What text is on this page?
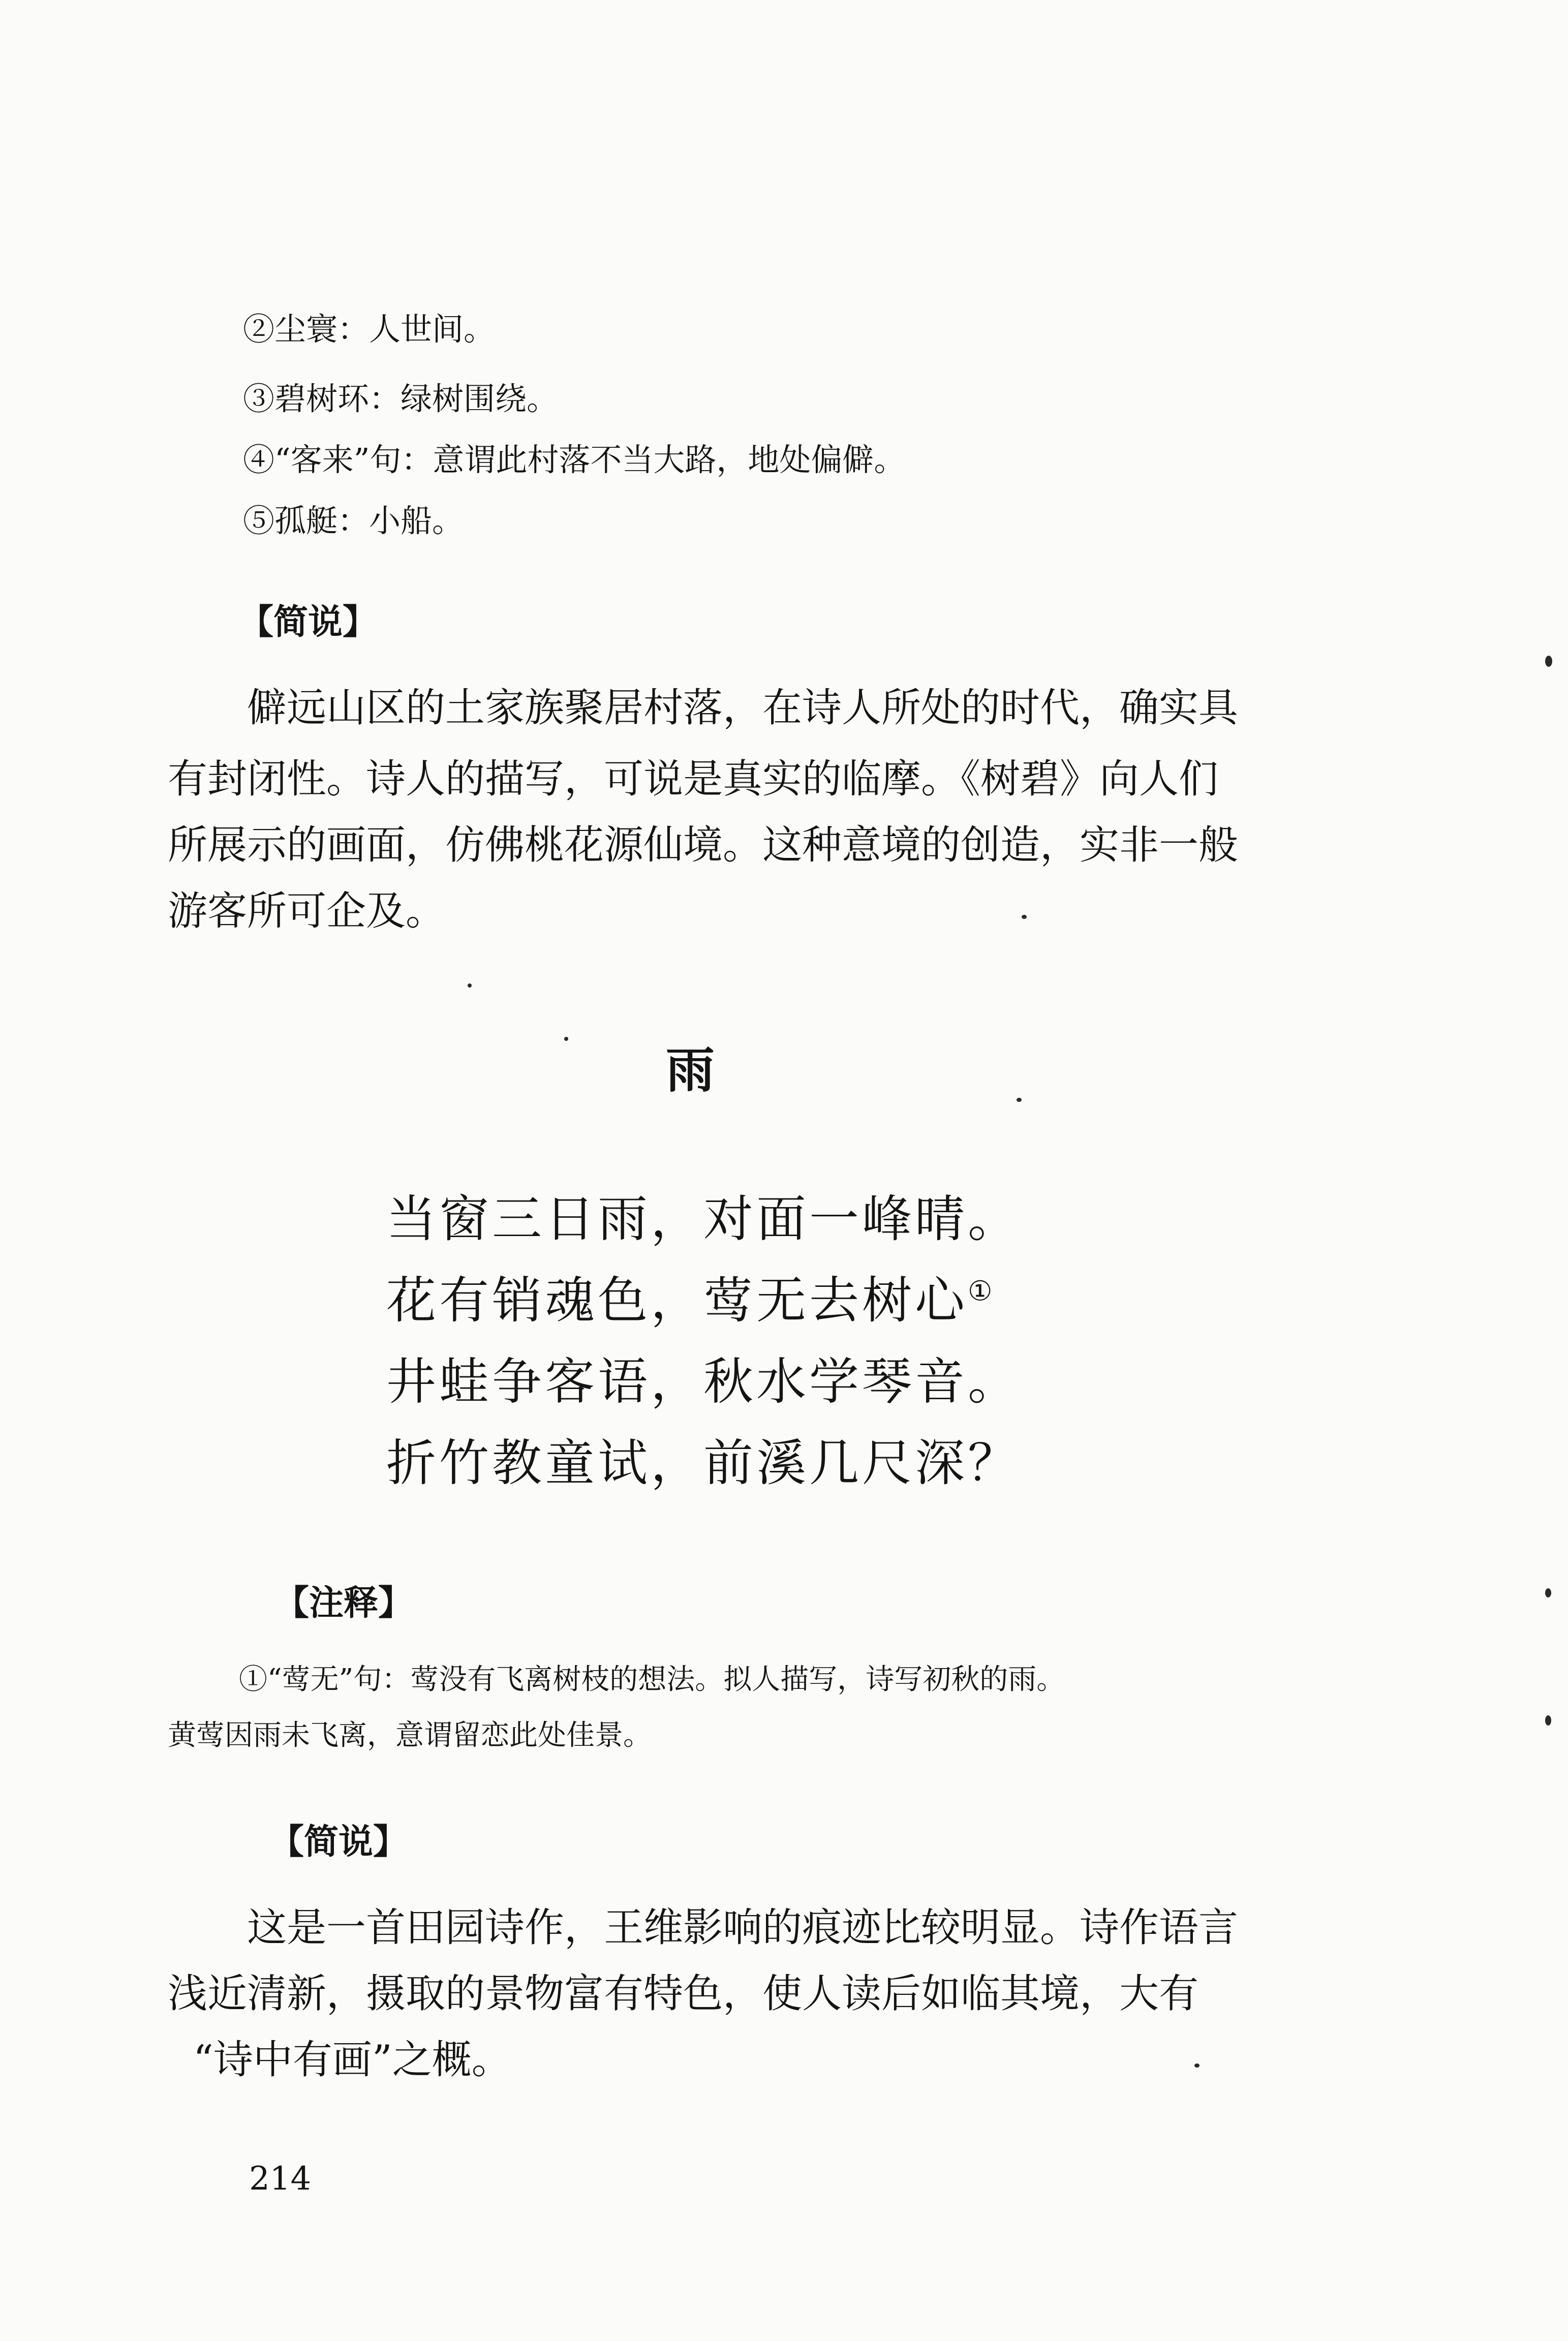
②尘寰：人世间。
③碧树环：绿树围绕。
④“客来”句：意谓此村落不当大路，地处偏僻。
⑤孤艇：小船。
【简说】
僻远山区的土家族聚居村落，在诗人所处的时代，确实具
有封闭性。诗人的描写，可说是真实的临摩。《树碧》向人们
所展示的画面，仿佛桃花源仙境。这种意境的创造，实非一般
游客所可企及。
雨
当窗三日雨，对面一峰晴。
花有销魂色，莺无去树心①
井蛙争客语，秋水学琴音。
折竹教童试，前溪几尺深？
【注释】
①“莺无”句：莺没有飞离树枝的想法。拟人描写，诗写初秋的雨。
黄莺因雨未飞离，意谓留恋此处佳景。
【简说】
这是一首田园诗作，王维影响的痕迹比较明显。诗作语言
浅近清新，摄取的景物富有特色，使人读后如临其境，大有
“诗中有画”之概。
214
